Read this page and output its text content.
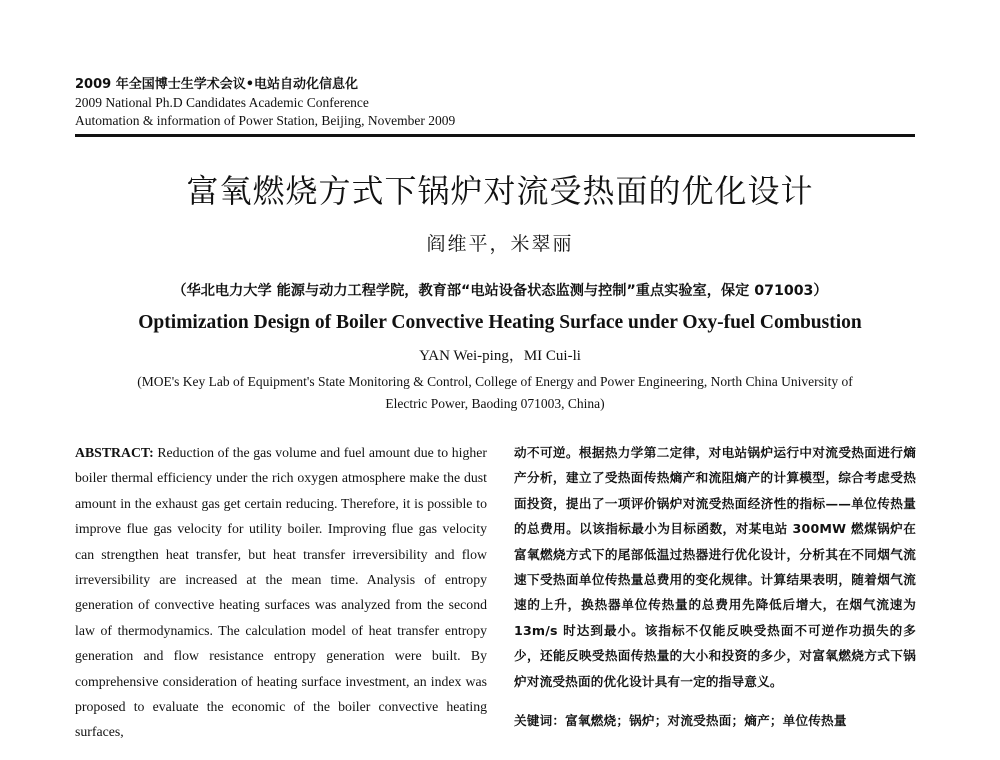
2009 年全国博士生学术会议•电站自动化信息化
2009 National Ph.D Candidates Academic Conference
Automation & information of Power Station, Beijing, November 2009
富氧燃烧方式下锅炉对流受热面的优化设计
阎维平，米翠丽
（华北电力大学 能源与动力工程学院，教育部“电站设备状态监测与控制”重点实验室，保定 071003）
Optimization Design of Boiler Convective Heating Surface under Oxy-fuel Combustion
YAN Wei-ping，MI Cui-li
(MOE's Key Lab of Equipment's State Monitoring & Control, College of Energy and Power Engineering, North China University of
Electric Power, Baoding 071003, China)
ABSTRACT: Reduction of the gas volume and fuel amount due to higher boiler thermal efficiency under the rich oxygen atmosphere make the dust amount in the exhaust gas get certain reducing. Therefore, it is possible to improve flue gas velocity for utility boiler. Improving flue gas velocity can strengthen heat transfer, but heat transfer irreversibility and flow irreversibility are increased at the mean time. Analysis of entropy generation of convective heating surfaces was analyzed from the second law of thermodynamics. The calculation model of heat transfer entropy generation and flow resistance entropy generation were built. By comprehensive consideration of heating surface investment, an index was proposed to evaluate the economic of the boiler convective heating surfaces,

动不可逆。根据热力学第二定律，对电站锅炉运行中对流受热面进行熵产分析，建立了受热面传热熵产和流阻熵产的计算模型，综合考虑受热面投资，提出了一项评价锅炉对流受热面经济性的指标——单位传热量的总费用。以该指标最小为目标函数，对某电站 300MW 燃煤锅炉在富氧燃烧方式下的尾部低温过热器进行优化设计，分析其在不同烟气流速下受热面单位传热量总费用的变化规律。计算结果表明，随着烟气流速的上升，换热器单位传热量的总费用先降低后增大，在烟气流速为 13m/s 时达到最小。该指标不仅能反映受热面不可逆作功损失的多少，还能反映受热面传热量的大小和投资的多少，对富氧燃烧方式下锅炉对流受热面的优化设计具有一定的指导意义。

关键词：富氧燃烧；锅炉；对流受热面；熵产；单位传热量
